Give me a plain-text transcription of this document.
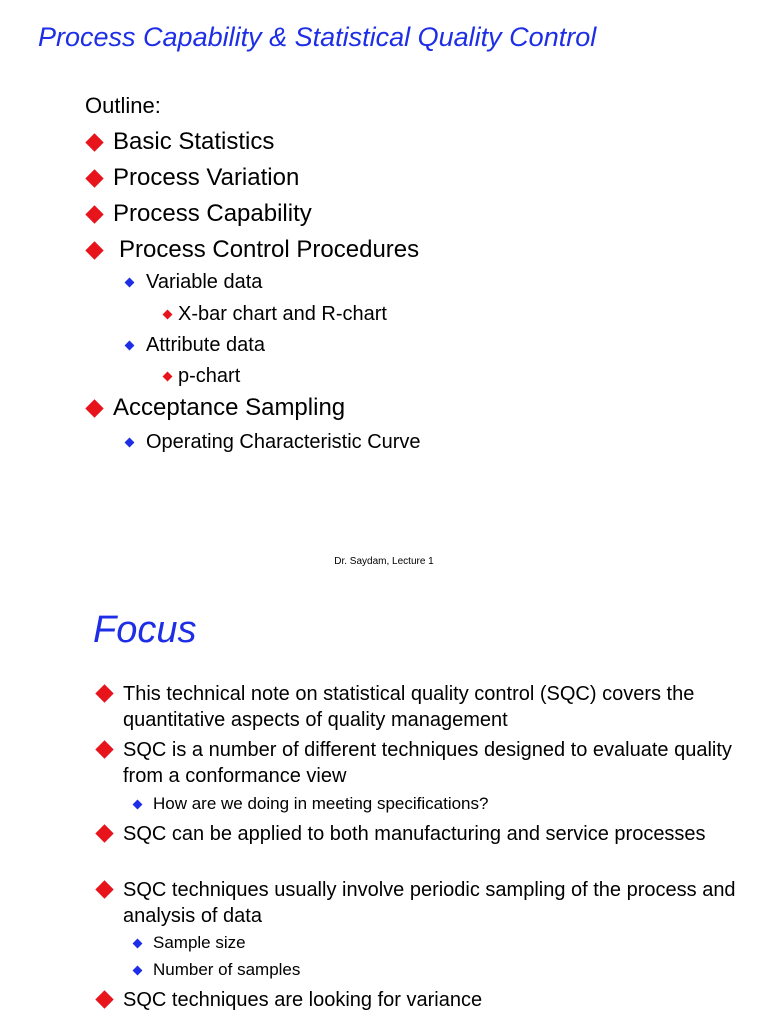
Process Capability & Statistical Quality Control

Outline:

Basic Statistics
Process Variation
Process Capability
Process Control Procedures
Variable data
X-bar chart and R-chart
Attribute data
p-chart
Acceptance Sampling
Operating Characteristic Curve
Dr. Saydam, Lecture 1
Focus
This technical note on statistical quality control (SQC) covers the quantitative aspects of quality management
SQC is a number of different techniques designed to evaluate quality from a conformance view
How are we doing in meeting specifications?
SQC can be applied to both manufacturing and service processes
SQC techniques usually involve periodic sampling of the process and analysis of data
Sample size
Number of samples
SQC techniques are looking for variance
